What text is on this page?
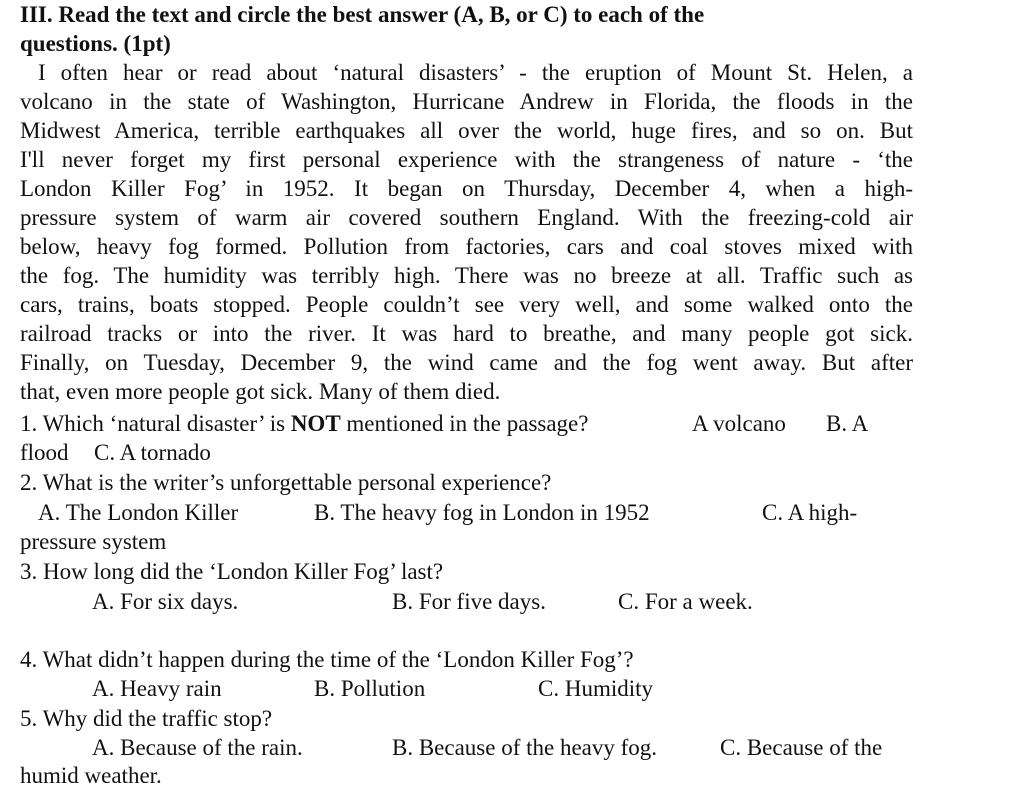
III. Read the text and circle the best answer (A, B, or C) to each of the
questions. (1pt)
I often hear or read about ‘natural disasters’ - the eruption of Mount St. Helen, a
volcano in the state of Washington, Hurricane Andrew in Florida, the floods in the
Midwest America, terrible earthquakes all over the world, huge fires, and so on. But
I'll never forget my first personal experience with the strangeness of nature - ‘the
London Killer Fog’ in 1952. It began on Thursday, December 4, when a high-
pressure system of warm air covered southern England. With the freezing-cold air
below, heavy fog formed. Pollution from factories, cars and coal stoves mixed with
the fog. The humidity was terribly high. There was no breeze at all. Traffic such as
cars, trains, boats stopped. People couldn’t see very well, and some walked onto the
railroad tracks or into the river. It was hard to breathe, and many people got sick.
Finally, on Tuesday, December 9, the wind came and the fog went away. But after
that, even more people got sick. Many of them died.
1. Which ‘natural disaster’ is NOT mentioned in the passage?	A volcano B. A
flood C. A tornado
2. What is the writer’s unforgettable personal experience?
A. The London Killer	B. The heavy fog in London in 1952	C. A high-
pressure system
3. How long did the ‘London Killer Fog’ last?
A. For six days.	B. For five days.	C. For a week.
4. What didn’t happen during the time of the ‘London Killer Fog’?
A. Heavy rain	B. Pollution	C. Humidity
5. Why did the traffic stop?
A. Because of the rain.	B. Because of the heavy fog.	C. Because of the
humid weather.
